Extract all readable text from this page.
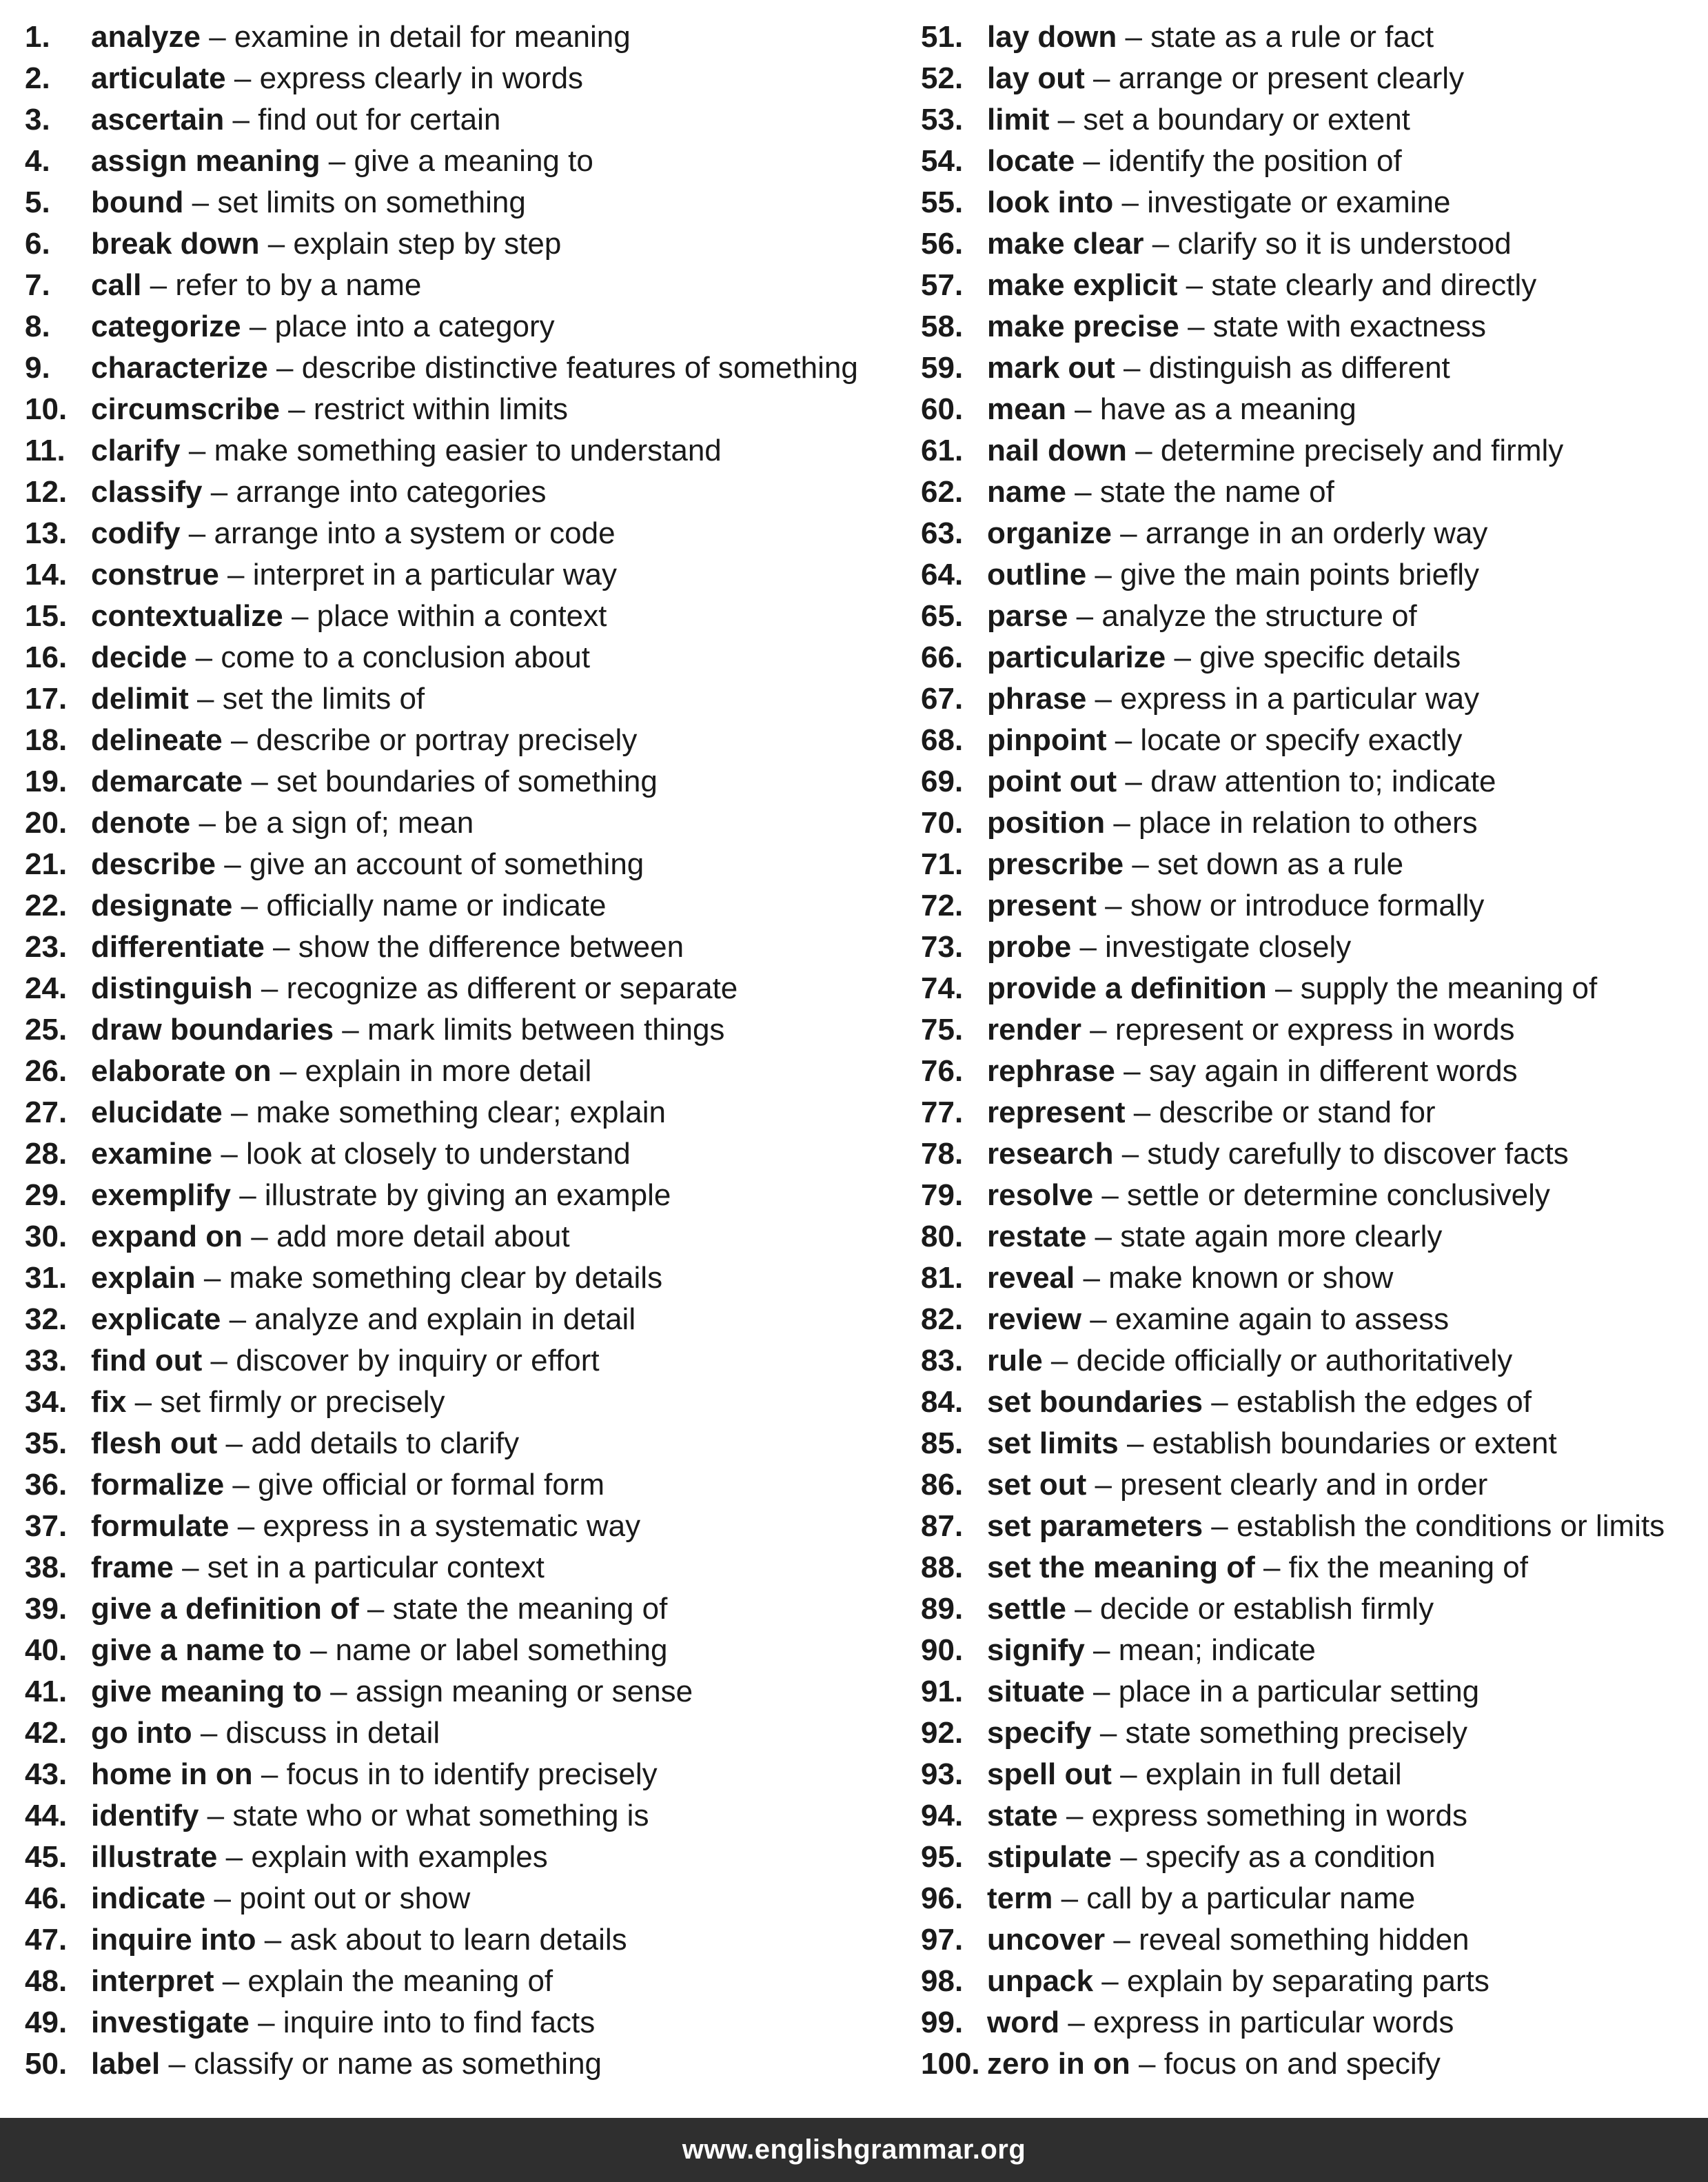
1.	analyze – examine in detail for meaning
2.	articulate – express clearly in words
3.	ascertain – find out for certain
4.	assign meaning – give a meaning to
5.	bound – set limits on something
6.	break down – explain step by step
7.	call – refer to by a name
8.	categorize – place into a category
9.	characterize – describe distinctive features of something
10. circumscribe – restrict within limits
11. clarify – make something easier to understand
12. classify – arrange into categories
13. codify – arrange into a system or code
14. construe – interpret in a particular way
15. contextualize – place within a context
16. decide – come to a conclusion about
17. delimit – set the limits of
18. delineate – describe or portray precisely
19. demarcate – set boundaries of something
20. denote – be a sign of; mean
21. describe – give an account of something
22. designate – officially name or indicate
23. differentiate – show the difference between
24. distinguish – recognize as different or separate
25. draw boundaries – mark limits between things
26. elaborate on – explain in more detail
27. elucidate – make something clear; explain
28. examine – look at closely to understand
29. exemplify – illustrate by giving an example
30. expand on – add more detail about
31. explain – make something clear by details
32. explicate – analyze and explain in detail
33. find out – discover by inquiry or effort
34. fix – set firmly or precisely
35. flesh out – add details to clarify
36. formalize – give official or formal form
37. formulate – express in a systematic way
38. frame – set in a particular context
39. give a definition of – state the meaning of
40. give a name to – name or label something
41. give meaning to – assign meaning or sense
42. go into – discuss in detail
43. home in on – focus in to identify precisely
44. identify – state who or what something is
45. illustrate – explain with examples
46. indicate – point out or show
47. inquire into – ask about to learn details
48. interpret – explain the meaning of
49. investigate – inquire into to find facts
50. label – classify or name as something
51. lay down – state as a rule or fact
52. lay out – arrange or present clearly
53. limit – set a boundary or extent
54. locate – identify the position of
55. look into – investigate or examine
56. make clear – clarify so it is understood
57. make explicit – state clearly and directly
58. make precise – state with exactness
59. mark out – distinguish as different
60. mean – have as a meaning
61. nail down – determine precisely and firmly
62. name – state the name of
63. organize – arrange in an orderly way
64. outline – give the main points briefly
65. parse – analyze the structure of
66. particularize – give specific details
67. phrase – express in a particular way
68. pinpoint – locate or specify exactly
69. point out – draw attention to; indicate
70. position – place in relation to others
71. prescribe – set down as a rule
72. present – show or introduce formally
73. probe – investigate closely
74. provide a definition – supply the meaning of
75. render – represent or express in words
76. rephrase – say again in different words
77. represent – describe or stand for
78. research – study carefully to discover facts
79. resolve – settle or determine conclusively
80. restate – state again more clearly
81. reveal – make known or show
82. review – examine again to assess
83. rule – decide officially or authoritatively
84. set boundaries – establish the edges of
85. set limits – establish boundaries or extent
86. set out – present clearly and in order
87. set parameters – establish the conditions or limits
88. set the meaning of – fix the meaning of
89. settle – decide or establish firmly
90. signify – mean; indicate
91. situate – place in a particular setting
92. specify – state something precisely
93. spell out – explain in full detail
94. state – express something in words
95. stipulate – specify as a condition
96. term – call by a particular name
97. uncover – reveal something hidden
98. unpack – explain by separating parts
99. word – express in particular words
100. zero in on – focus on and specify
www.englishgrammar.org
